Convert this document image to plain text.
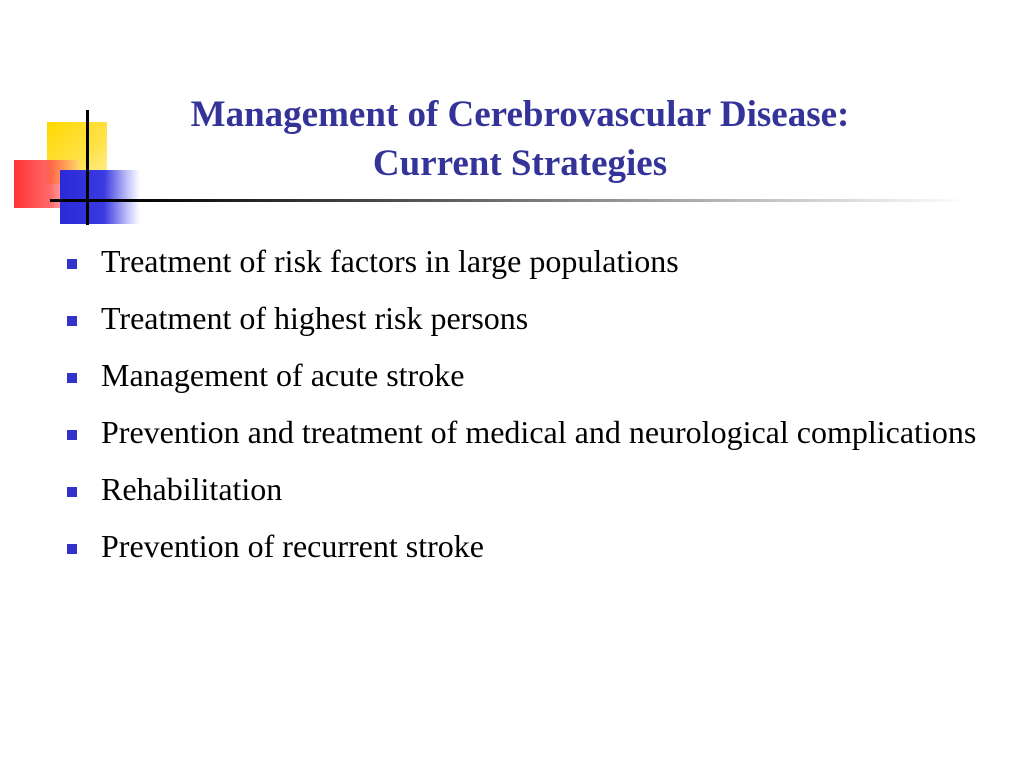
Management of Cerebrovascular Disease:
Current Strategies
Treatment of risk factors in large populations
Treatment of highest risk persons
Management of acute stroke
Prevention and treatment of medical and neurological complications
Rehabilitation
Prevention of recurrent stroke
